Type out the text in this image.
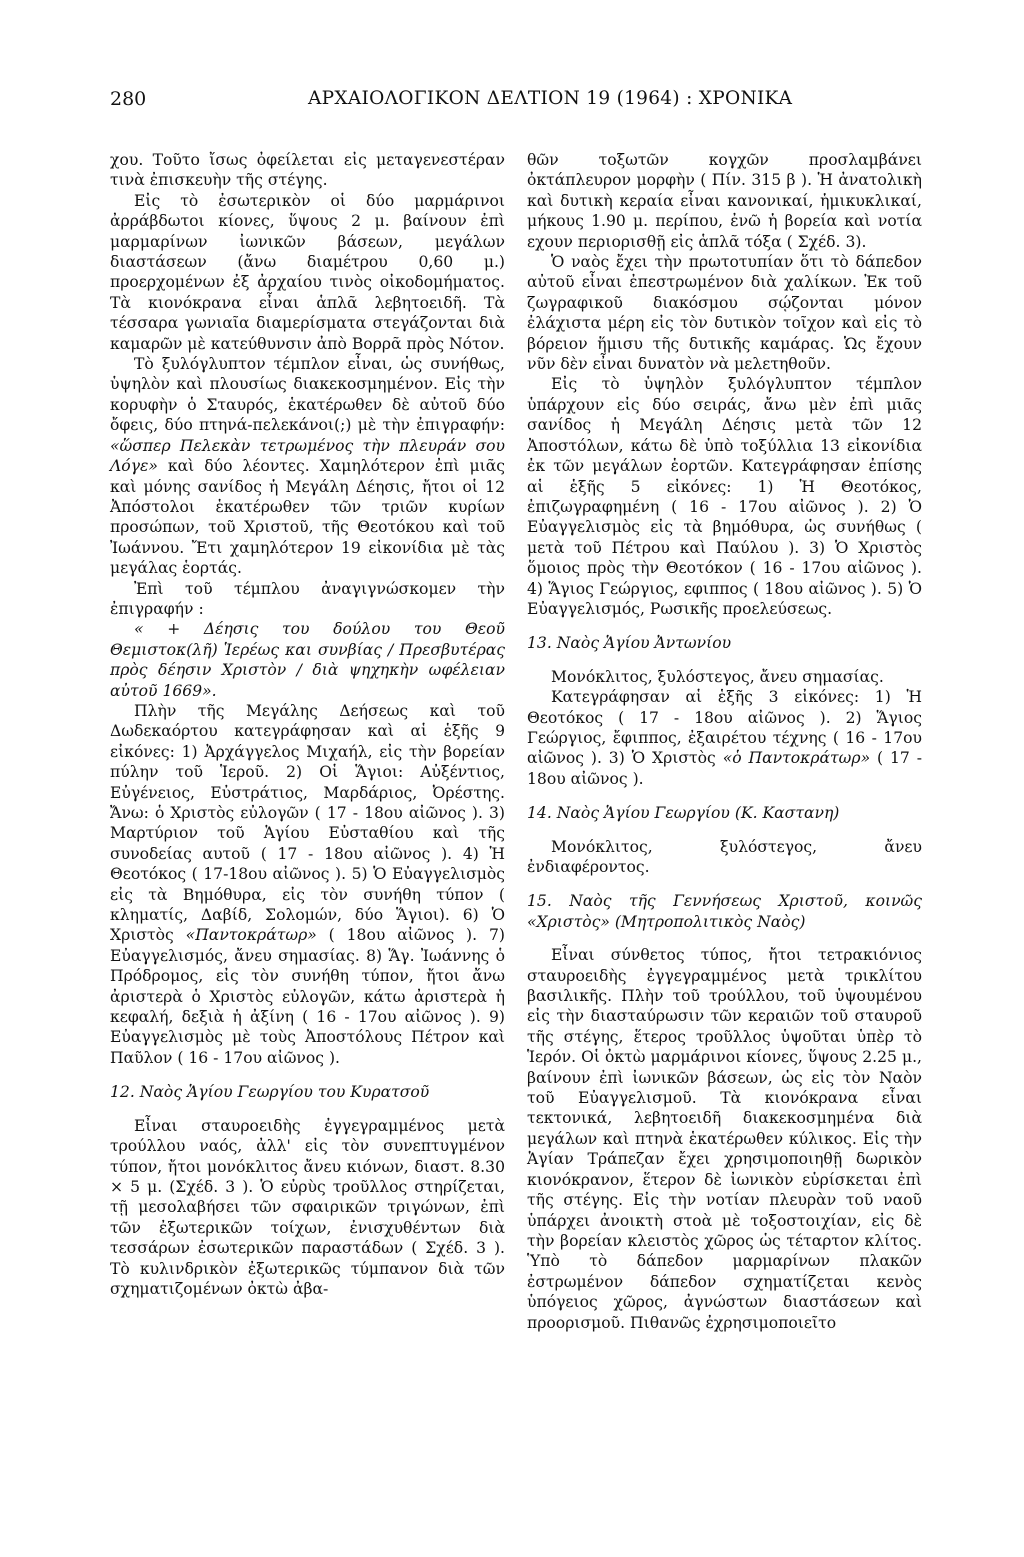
280	ΑΡΧΑΙΟΛΟΓΙΚΟΝ ΔΕΛΤΙΟΝ 19 (1964) : ΧΡΟΝΙΚΑ

χου. Τοῦτο ἴσως ὀφείλεται εἰς μεταγενεστέραν τινὰ ἐπισκευὴν τῆς στέγης.

Εἰς τὸ ἐσωτερικὸν οἱ δύο μαρμάρινοι ἀρράβδωτοι κίονες, ὕψους 2 μ. βαίνουν ἐπὶ μαρμαρίνων ἰωνικῶν βάσεων, μεγάλων διαστάσεων (ἄνω διαμέτρου 0,60 μ.) προερχομένων ἐξ ἀρχαίου τινὸς οἰκοδομήματος. Τὰ κιονόκρανα εἶναι ἁπλᾶ λεβητοειδῆ. Τὰ τέσσαρα γωνιαῖα διαμερίσματα στεγάζονται διὰ καμαρῶν μὲ κατεύθυνσιν ἀπὸ Βορρᾶ πρὸς Νότον.

Τὸ ξυλόγλυπτον τέμπλον εἶναι, ὡς συνήθως, ὑψηλὸν καὶ πλουσίως διακεκοσμημένον. Εἰς τὴν κορυφὴν ὁ Σταυρός, ἑκατέρωθεν δὲ αὐτοῦ δύο ὄφεις, δύο πτηνά-πελεκάνοι(;) μὲ τὴν ἐπιγραφήν: «ὥσπερ Πελεκὰν τετρωμένος τὴν πλευράν σου Λόγε» καὶ δύο λέοντες. Χαμηλότερον ἐπὶ μιᾶς καὶ μόνης σανίδος ἡ Μεγάλη Δέησις, ἤτοι οἱ 12 Ἀπόστολοι ἑκατέρωθεν τῶν τριῶν κυρίων προσώπων, τοῦ Χριστοῦ, τῆς Θεοτόκου καὶ τοῦ Ἰωάννου. Ἔτι χαμηλότερον 19 εἰκονίδια μὲ τὰς μεγάλας ἑορτάς.

Ἐπὶ τοῦ τέμπλου ἀναγιγνώσκομεν τὴν ἐπιγραφήν :

« + Δέησις του δούλου του Θεοῦ Θεμιστοκ(λῆ) Ἱερέως και συνβίας / Πρεσβυτέρας πρὸς δέησιν Χριστὸν / διὰ ψηχηκὴν ωφέλειαν αὐτοῦ 1669».

Πλὴν τῆς Μεγάλης Δεήσεως καὶ τοῦ Δωδεκαόρτου κατεγράφησαν καὶ αἱ ἑξῆς 9 εἰκόνες: 1) Ἀρχάγγελος Μιχαήλ, εἰς τὴν βορείαν πύλην τοῦ Ἱεροῦ. 2) Οἱ Ἅγιοι: Αὐξέντιος, Εὐγένειος, Εὐστράτιος, Μαρδάριος, Ὀρέστης. Ἄνω: ὁ Χριστὸς εὐλογῶν ( 17 - 18ου αἰῶνος ). 3) Μαρτύριον τοῦ Ἁγίου Εὐσταθίου καὶ τῆς συνοδείας αυτοῦ ( 17 - 18ου αἰῶνος ). 4) Ἡ Θεοτόκος ( 17-18ου αἰῶνος ). 5) Ὁ Εὐαγγελισμὸς εἰς τὰ Βημόθυρα, εἰς τὸν συνήθη τύπον ( κληματίς, Δαβίδ, Σολομών, δύο Ἅγιοι). 6) Ὁ Χριστὸς «Παντοκράτωρ» ( 18ου αἰῶνος ). 7) Εὐαγγελισμός, ἄνευ σημασίας. 8) Ἅγ. Ἰωάννης ὁ Πρόδρομος, εἰς τὸν συνήθη τύπον, ἤτοι ἄνω ἀριστερὰ ὁ Χριστὸς εὐλογῶν, κάτω ἀριστερὰ ἡ κεφαλή, δεξιὰ ἡ ἀξίνη ( 16 - 17ου αἰῶνος ). 9) Εὐαγγελισμὸς μὲ τοὺς Ἀποστόλους Πέτρον καὶ Παῦλον ( 16 - 17ου αἰῶνος ).

12. Ναὸς Ἁγίου Γεωργίου του Κυρατσοῦ

Εἶναι σταυροειδὴς ἐγγεγραμμένος μετὰ τρούλλου ναός, ἀλλ' εἰς τὸν συνεπτυγμένον τύπον, ἤτοι μονόκλιτος ἄνευ κιόνων, διαστ. 8.30 × 5 μ. (Σχέδ. 3 ). Ὁ εὐρὺς τροῦλλος στηρίζεται, τῇ μεσολαβήσει τῶν σφαιρικῶν τριγώνων, ἐπὶ τῶν ἐξωτερικῶν τοίχων, ἐνισχυθέντων διὰ τεσσάρων ἐσωτερικῶν παραστάδων ( Σχέδ. 3 ). Τὸ κυλινδρικὸν ἐξωτερικῶς τύμπανον διὰ τῶν σχηματιζομένων ὀκτὼ ἀβα-

θῶν τοξωτῶν κογχῶν προσλαμβάνει ὀκτάπλευρον μορφὴν ( Πίν. 315 β ). Ἡ ἀνατολικὴ καὶ δυτικὴ κεραία εἶναι κανονικαί, ἡμικυκλικαί, μήκους 1.90 μ. περίπου, ἐνῶ ἡ βορεία καὶ νοτία εχουν περιορισθῇ εἰς ἁπλᾶ τόξα ( Σχέδ. 3).

Ὁ ναὸς ἔχει τὴν πρωτοτυπίαν ὅτι τὸ δάπεδον αὐτοῦ εἶναι ἐπεστρωμένον διὰ χαλίκων. Ἐκ τοῦ ζωγραφικοῦ διακόσμου σῴζονται μόνον ἐλάχιστα μέρη εἰς τὸν δυτικὸν τοῖχον καὶ εἰς τὸ βόρειον ἥμισυ τῆς δυτικῆς καμάρας. Ὡς ἔχουν νῦν δὲν εἶναι δυνατὸν νὰ μελετηθοῦν.

Εἰς τὸ ὑψηλὸν ξυλόγλυπτον τέμπλον ὑπάρχουν εἰς δύο σειράς, ἄνω μὲν ἐπὶ μιᾶς σανίδος ἡ Μεγάλη Δέησις μετὰ τῶν 12 Ἀποστόλων, κάτω δὲ ὑπὸ τοξύλλια 13 εἰκονίδια ἐκ τῶν μεγάλων ἑορτῶν. Κατεγράφησαν ἐπίσης αἱ ἑξῆς 5 εἰκόνες: 1) Ἡ Θεοτόκος, ἐπιζωγραφημένη ( 16 - 17ου αἰῶνος ). 2) Ὁ Εὐαγγελισμὸς εἰς τὰ βημόθυρα, ὡς συνήθως ( μετὰ τοῦ Πέτρου καὶ Παύλου ). 3) Ὁ Χριστὸς ὅμοιος πρὸς τὴν Θεοτόκον ( 16 - 17ου αἰῶνος ). 4) Ἅγιος Γεώργιος, εφιππος ( 18ου αἰῶνος ). 5) Ὁ Εὐαγγελισμός, Ρωσικῆς προελεύσεως.

13. Ναὸς Ἁγίου Ἀντωνίου

Μονόκλιτος, ξυλόστεγος, ἄνευ σημασίας.

Κατεγράφησαν αἱ ἑξῆς 3 εἰκόνες: 1) Ἡ Θεοτόκος ( 17 - 18ου αἰῶνος ). 2) Ἅγιος Γεώργιος, ἔφιππος, ἐξαιρέτου τέχνης ( 16 - 17ου αἰῶνος ). 3) Ὁ Χριστὸς «ὁ Παντοκράτωρ» ( 17 - 18ου αἰῶνος ).

14. Ναὸς Ἁγίου Γεωργίου (Κ. Καστανη)

Μονόκλιτος, ξυλόστεγος, ἄνευ ἐνδιαφέροντος.

15. Ναὸς τῆς Γεννήσεως Χριστοῦ, κοινῶς «Χριστὸς» (Μητροπολιτικὸς Ναὸς)

Εἶναι σύνθετος τύπος, ἤτοι τετρακιόνιος σταυροειδὴς ἐγγεγραμμένος μετὰ τρικλίτου βασιλικῆς. Πλὴν τοῦ τρούλλου, τοῦ ὑψουμένου εἰς τὴν διασταύρωσιν τῶν κεραιῶν τοῦ σταυροῦ τῆς στέγης, ἕτερος τροῦλλος ὑψοῦται ὑπὲρ τὸ Ἱερόν. Οἱ ὀκτὼ μαρμάρινοι κίονες, ὕψους 2.25 μ., βαίνουν ἐπὶ ἰωνικῶν βάσεων, ὡς εἰς τὸν Ναὸν τοῦ Εὐαγγελισμοῦ. Τὰ κιονόκρανα εἶναι τεκτονικά, λεβητοειδῆ διακεκοσμημένα διὰ μεγάλων καὶ πτηνὰ ἑκατέρωθεν κύλικος. Εἰς τὴν Ἁγίαν Τράπεζαν ἔχει χρησιμοποιηθῇ δωρικὸν κιονόκρανον, ἕτερον δὲ ἰωνικὸν εὑρίσκεται ἐπὶ τῆς στέγης. Εἰς τὴν νοτίαν πλευρὰν τοῦ ναοῦ ὑπάρχει ἀνοικτὴ στοὰ μὲ τοξοστοιχίαν, εἰς δὲ τὴν βορείαν κλειστὸς χῶρος ὡς τέταρτον κλίτος. Ὑπὸ τὸ δάπεδον μαρμαρίνων πλακῶν ἐστρωμένον δάπεδον σχηματίζεται κενὸς ὑπόγειος χῶρος, ἀγνώστων διαστάσεων καὶ προορισμοῦ. Πιθανῶς ἐχρησιμοποιεῖτο
